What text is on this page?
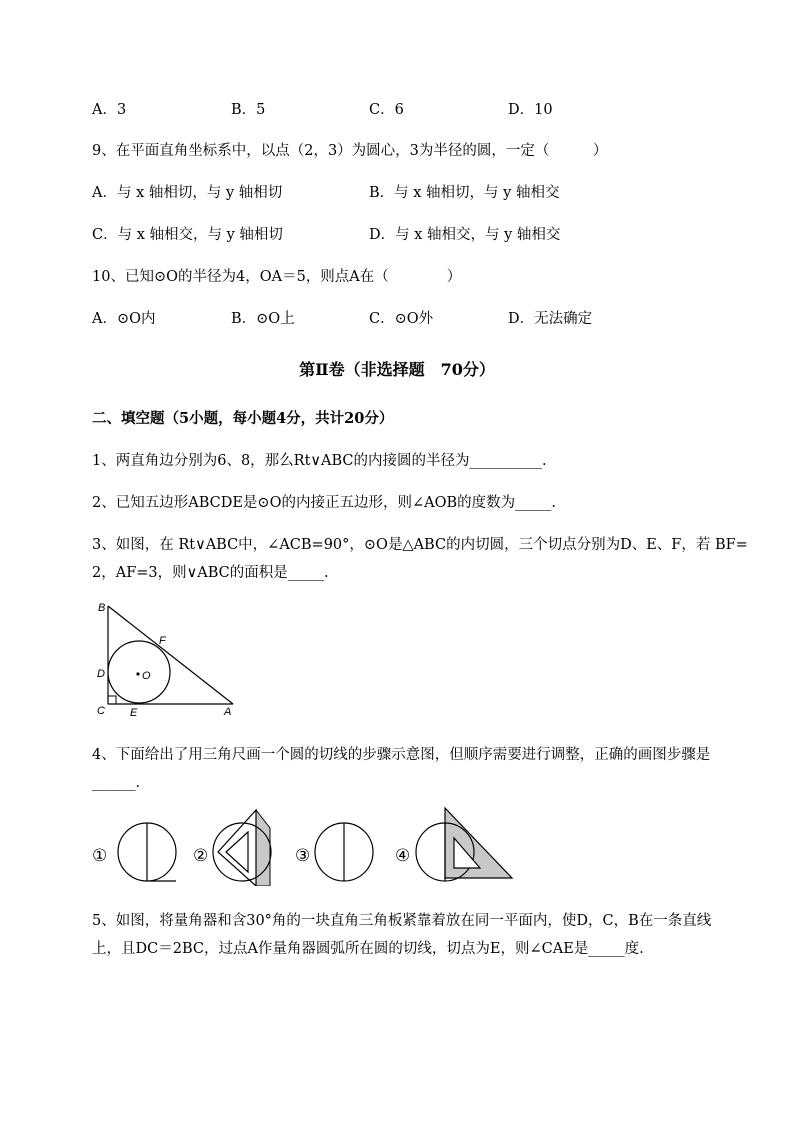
A．3	B．5	C．6	D．10
9、在平面直角坐标系中，以点（2，3）为圆心，3为半径的圆，一定（　　　）
A．与 x 轴相切，与 y 轴相切	B．与 x 轴相切，与 y 轴相交
C．与 x 轴相交，与 y 轴相切	D．与 x 轴相交，与 y 轴相交
10、已知⊙O的半径为4，OA＝5，则点A在（　　　　）
A．⊙O内	B．⊙O上	C．⊙O外	D．无法确定
第Ⅱ卷（非选择题　70分）
二、填空题（5小题，每小题4分，共计20分）
1、两直角边分别为6、8，那么Rt∨ABC的内接圆的半径为__________.
2、已知五边形ABCDE是⊙O的内接正五边形，则∠AOB的度数为_____.
3、如图，在 Rt∨ABC中，∠ACB=90°，⊙O是△ABC的内切圆，三个切点分别为D、E、F，若 BF=
2，AF=3，则∨ABC的面积是_____.
B
F
D	O
C E	A
4、下面给出了用三角尺画一个圆的切线的步骤示意图，但顺序需要进行调整，正确的画图步骤是
______.
①	②	③	④
5、如图，将量角器和含30°角的一块直角三角板紧靠着放在同一平面内，使D，C，B在一条直线
上，且DC＝2BC，过点A作量角器圆弧所在圆的切线，切点为E，则∠CAE是_____度.
